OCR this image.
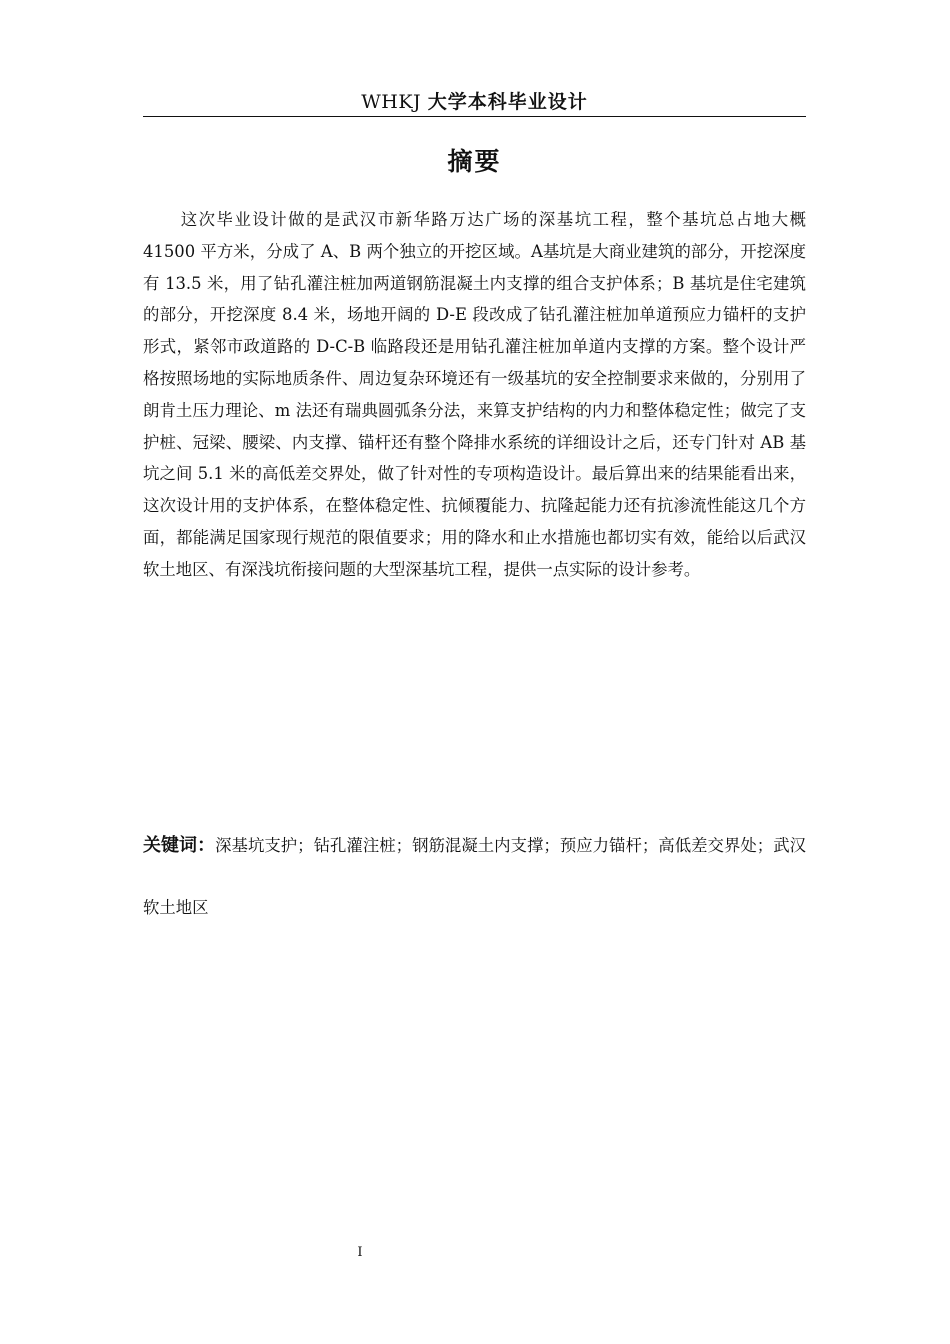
WHKJ 大学本科毕业设计
摘要

这次毕业设计做的是武汉市新华路万达广场的深基坑工程，整个基坑总占地大概 41500 平方米，分成了 A、B 两个独立的开挖区域。A基坑是大商业建筑的部分，开挖深度有 13.5 米，用了钻孔灌注桩加两道钢筋混凝土内支撑的组合支护体系；B 基坑是住宅建筑的部分，开挖深度 8.4 米，场地开阔的 D-E 段改成了钻孔灌注桩加单道预应力锚杆的支护形式，紧邻市政道路的 D-C-B 临路段还是用钻孔灌注桩加单道内支撑的方案。整个设计严格按照场地的实际地质条件、周边复杂环境还有一级基坑的安全控制要求来做的，分别用了朗肯土压力理论、m 法还有瑞典圆弧条分法，来算支护结构的内力和整体稳定性；做完了支护桩、冠梁、腰梁、内支撑、锚杆还有整个降排水系统的详细设计之后，还专门针对 AB 基坑之间 5.1 米的高低差交界处，做了针对性的专项构造设计。最后算出来的结果能看出来，这次设计用的支护体系，在整体稳定性、抗倾覆能力、抗隆起能力还有抗渗流性能这几个方面，都能满足国家现行规范的限值要求；用的降水和止水措施也都切实有效，能给以后武汉软土地区、有深浅坑衔接问题的大型深基坑工程，提供一点实际的设计参考。

关键词：深基坑支护；钻孔灌注桩；钢筋混凝土内支撑；预应力锚杆；高低差交界处；武汉软土地区

I
